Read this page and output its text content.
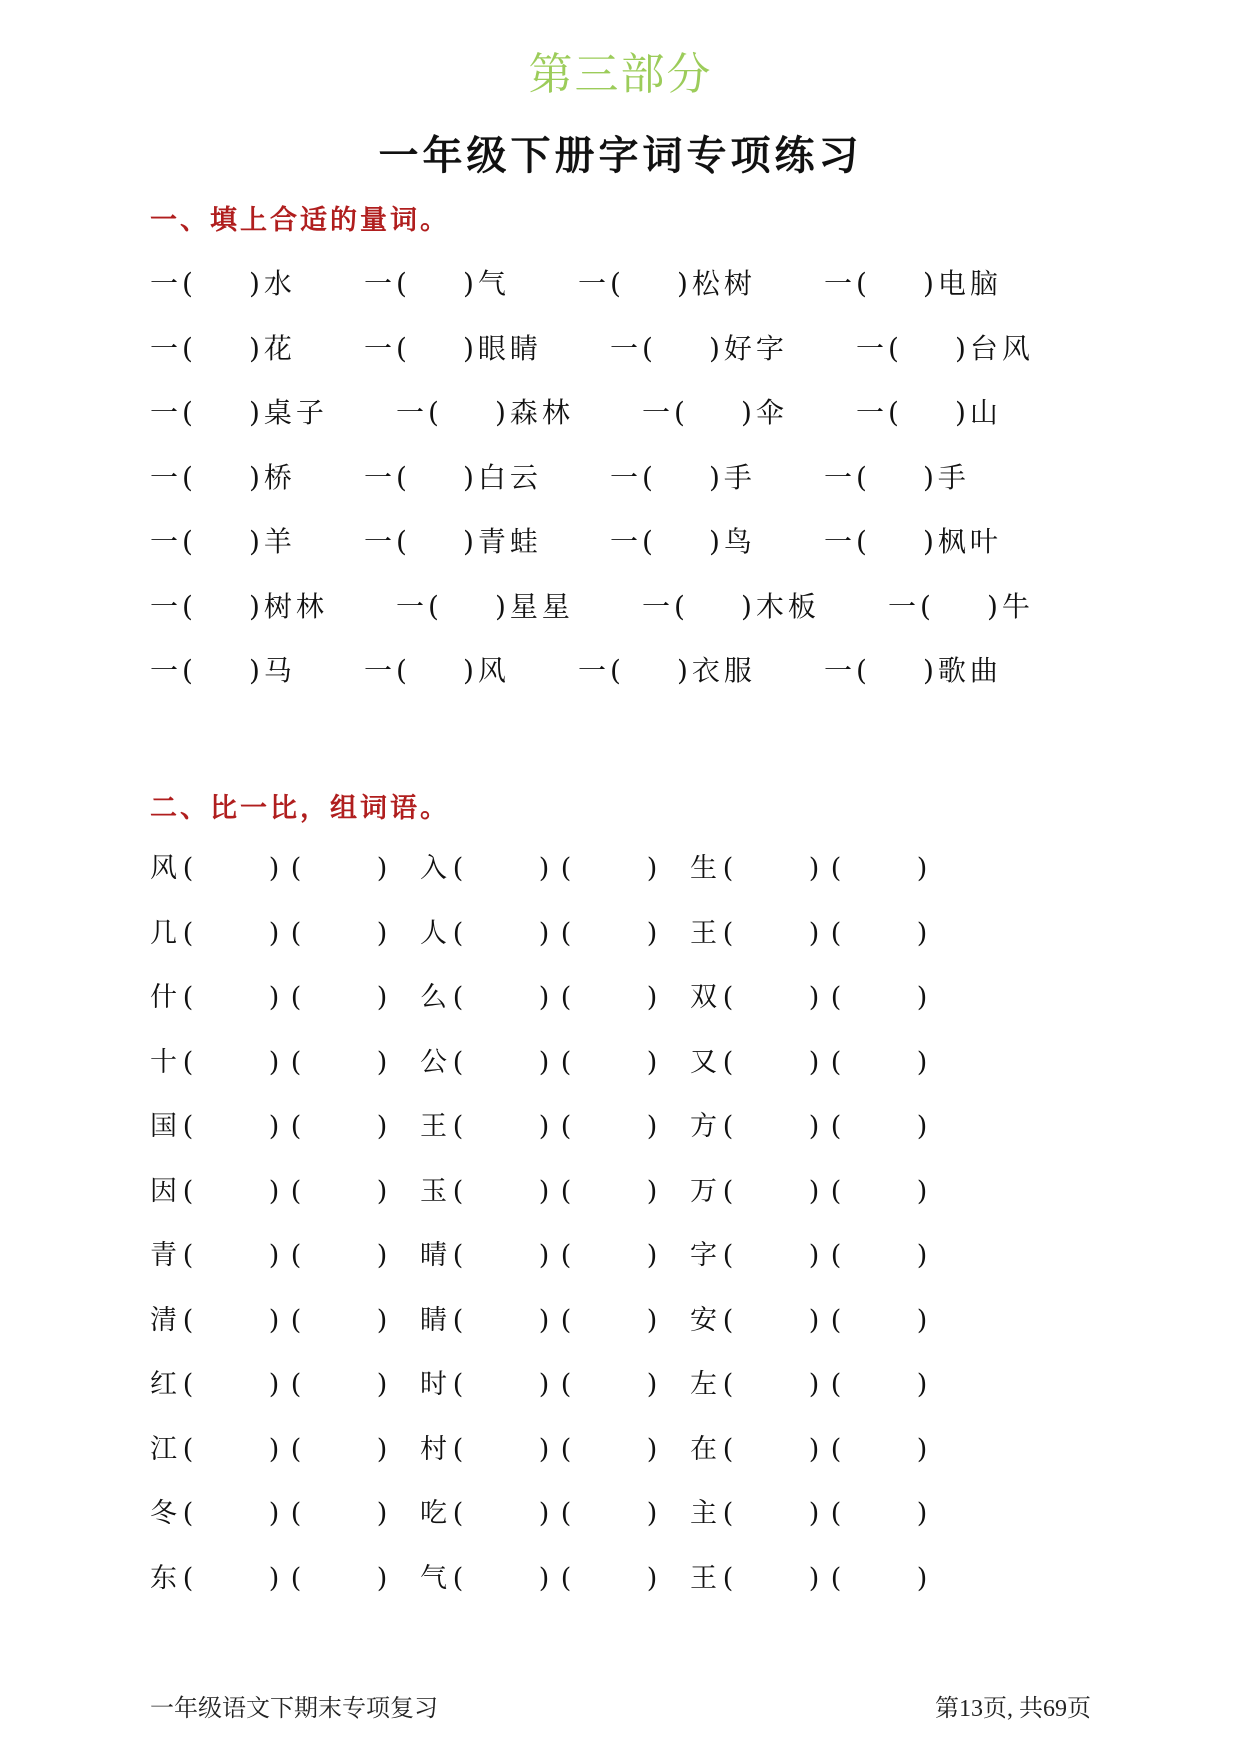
第三部分
一年级下册字词专项练习
一、填上合适的量词。
一( )水 一( )气 一( )松树 一( )电脑
一( )花 一( )眼睛 一( )好字 一( )台风
一( )桌子 一( )森林 一( )伞 一( )山
一( )桥 一( )白云 一( )手 一( )手
一( )羊 一( )青蛙 一( )鸟 一( )枫叶
一( )树林 一( )星星 一( )木板 一( )牛
一( )马 一( )风 一( )衣服 一( )歌曲
二、比一比，组词语。
风 (	) (	) 入 (	) (	) 生 (	) (	)
几 (	) (	) 人 (	) (	) 王 (	) (	)
什 (	) (	) 么 (	) (	) 双 (	) (	)
十 (	) (	) 公 (	) (	) 又 (	) (	)
国 (	) (	) 王 (	) (	) 方 (	) (	)
因 (	) (	) 玉 (	) (	) 万 (	) (	)
青 (	) (	) 晴 (	) (	) 字 (	) (	)
清 (	) (	) 睛 (	) (	) 安 (	) (	)
红 (	) (	) 时 (	) (	) 左 (	) (	)
江 (	) (	) 村 (	) (	) 在 (	) (	)
冬 (	) (	) 吃 (	) (	) 主 (	) (	)
东 (	) (	) 气 (	) (	) 王 (	) (	)
一年级语文下期末专项复习	第13页, 共69页
